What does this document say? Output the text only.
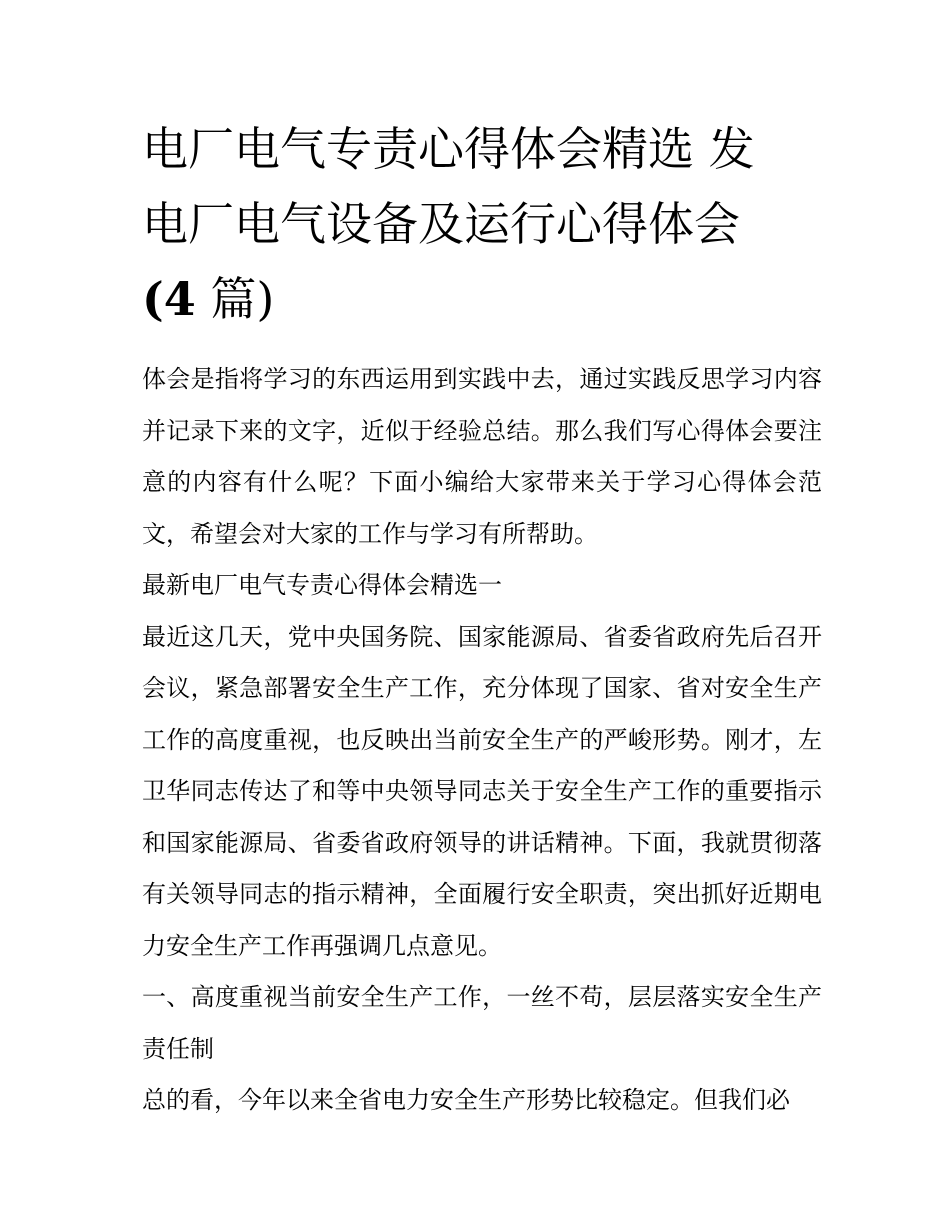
电厂电气专责心得体会精选 发
电厂电气设备及运行心得体会
(4 篇)

体会是指将学习的东西运用到实践中去，通过实践反思学习内容并记录下来的文字，近似于经验总结。那么我们写心得体会要注意的内容有什么呢？下面小编给大家带来关于学习心得体会范文，希望会对大家的工作与学习有所帮助。

最新电厂电气专责心得体会精选一

最近这几天，党中央国务院、国家能源局、省委省政府先后召开会议，紧急部署安全生产工作，充分体现了国家、省对安全生产工作的高度重视，也反映出当前安全生产的严峻形势。刚才，左卫华同志传达了和等中央领导同志关于安全生产工作的重要指示和国家能源局、省委省政府领导的讲话精神。下面，我就贯彻落有关领导同志的指示精神，全面履行安全职责，突出抓好近期电力安全生产工作再强调几点意见。

一、高度重视当前安全生产工作，一丝不苟，层层落实安全生产责任制

总的看，今年以来全省电力安全生产形势比较稳定。但我们必
